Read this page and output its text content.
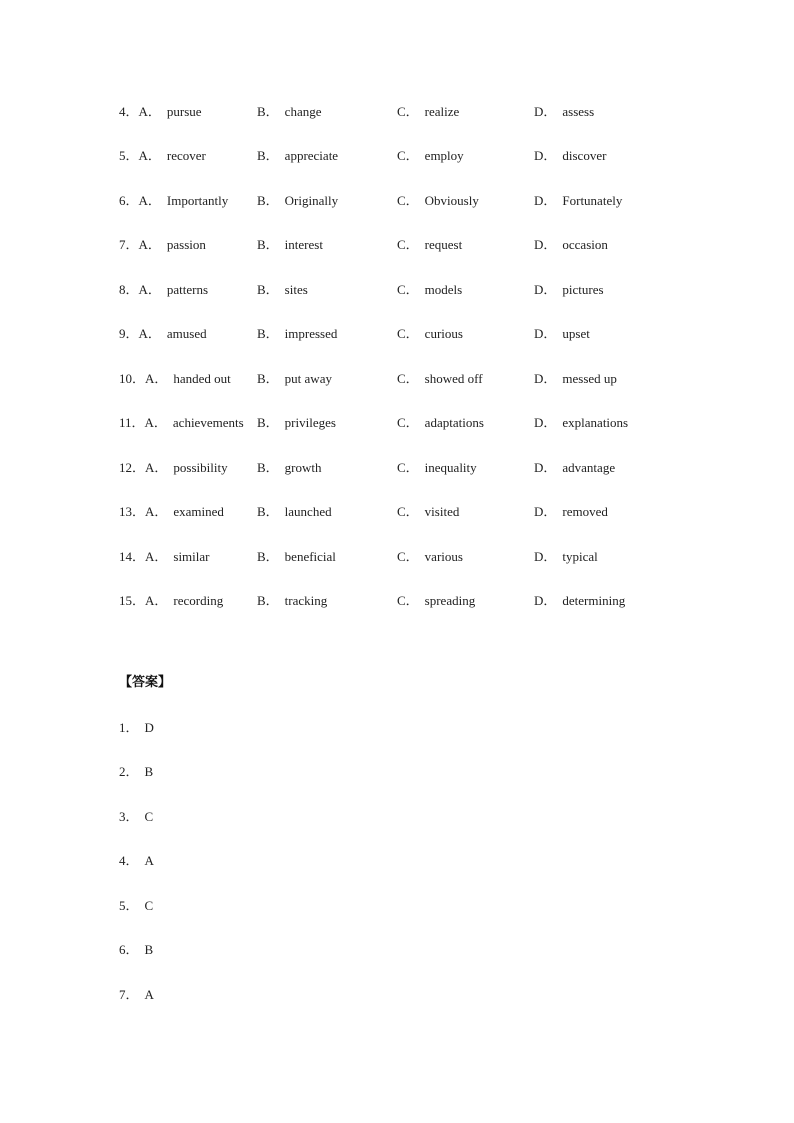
4．A． pursue	B． change	C． realize	D． assess
5．A． recover	B． appreciate	C． employ	D． discover
6．A． Importantly B． Originally	C． Obviously	D． Fortunately
7．A． passion	B． interest	C． request	D． occasion
8．A． patterns	B． sites	C． models	D． pictures
9．A． amused	B． impressed	C． curious	D． upset
10．A． handed out B． put away	C． showed off	D． messed up
11．A． achievements B． privileges	C． adaptations	D． explanations
12．A． possibility B． growth	C． inequality	D． advantage
13．A． examined	B． launched	C． visited	D． removed
14．A． similar	B． beneficial	C． various	D． typical
15．A． recording	B． tracking	C． spreading	D． determining
【答案】
1． D
2． B
3． C
4． A
5． C
6． B
7． A
